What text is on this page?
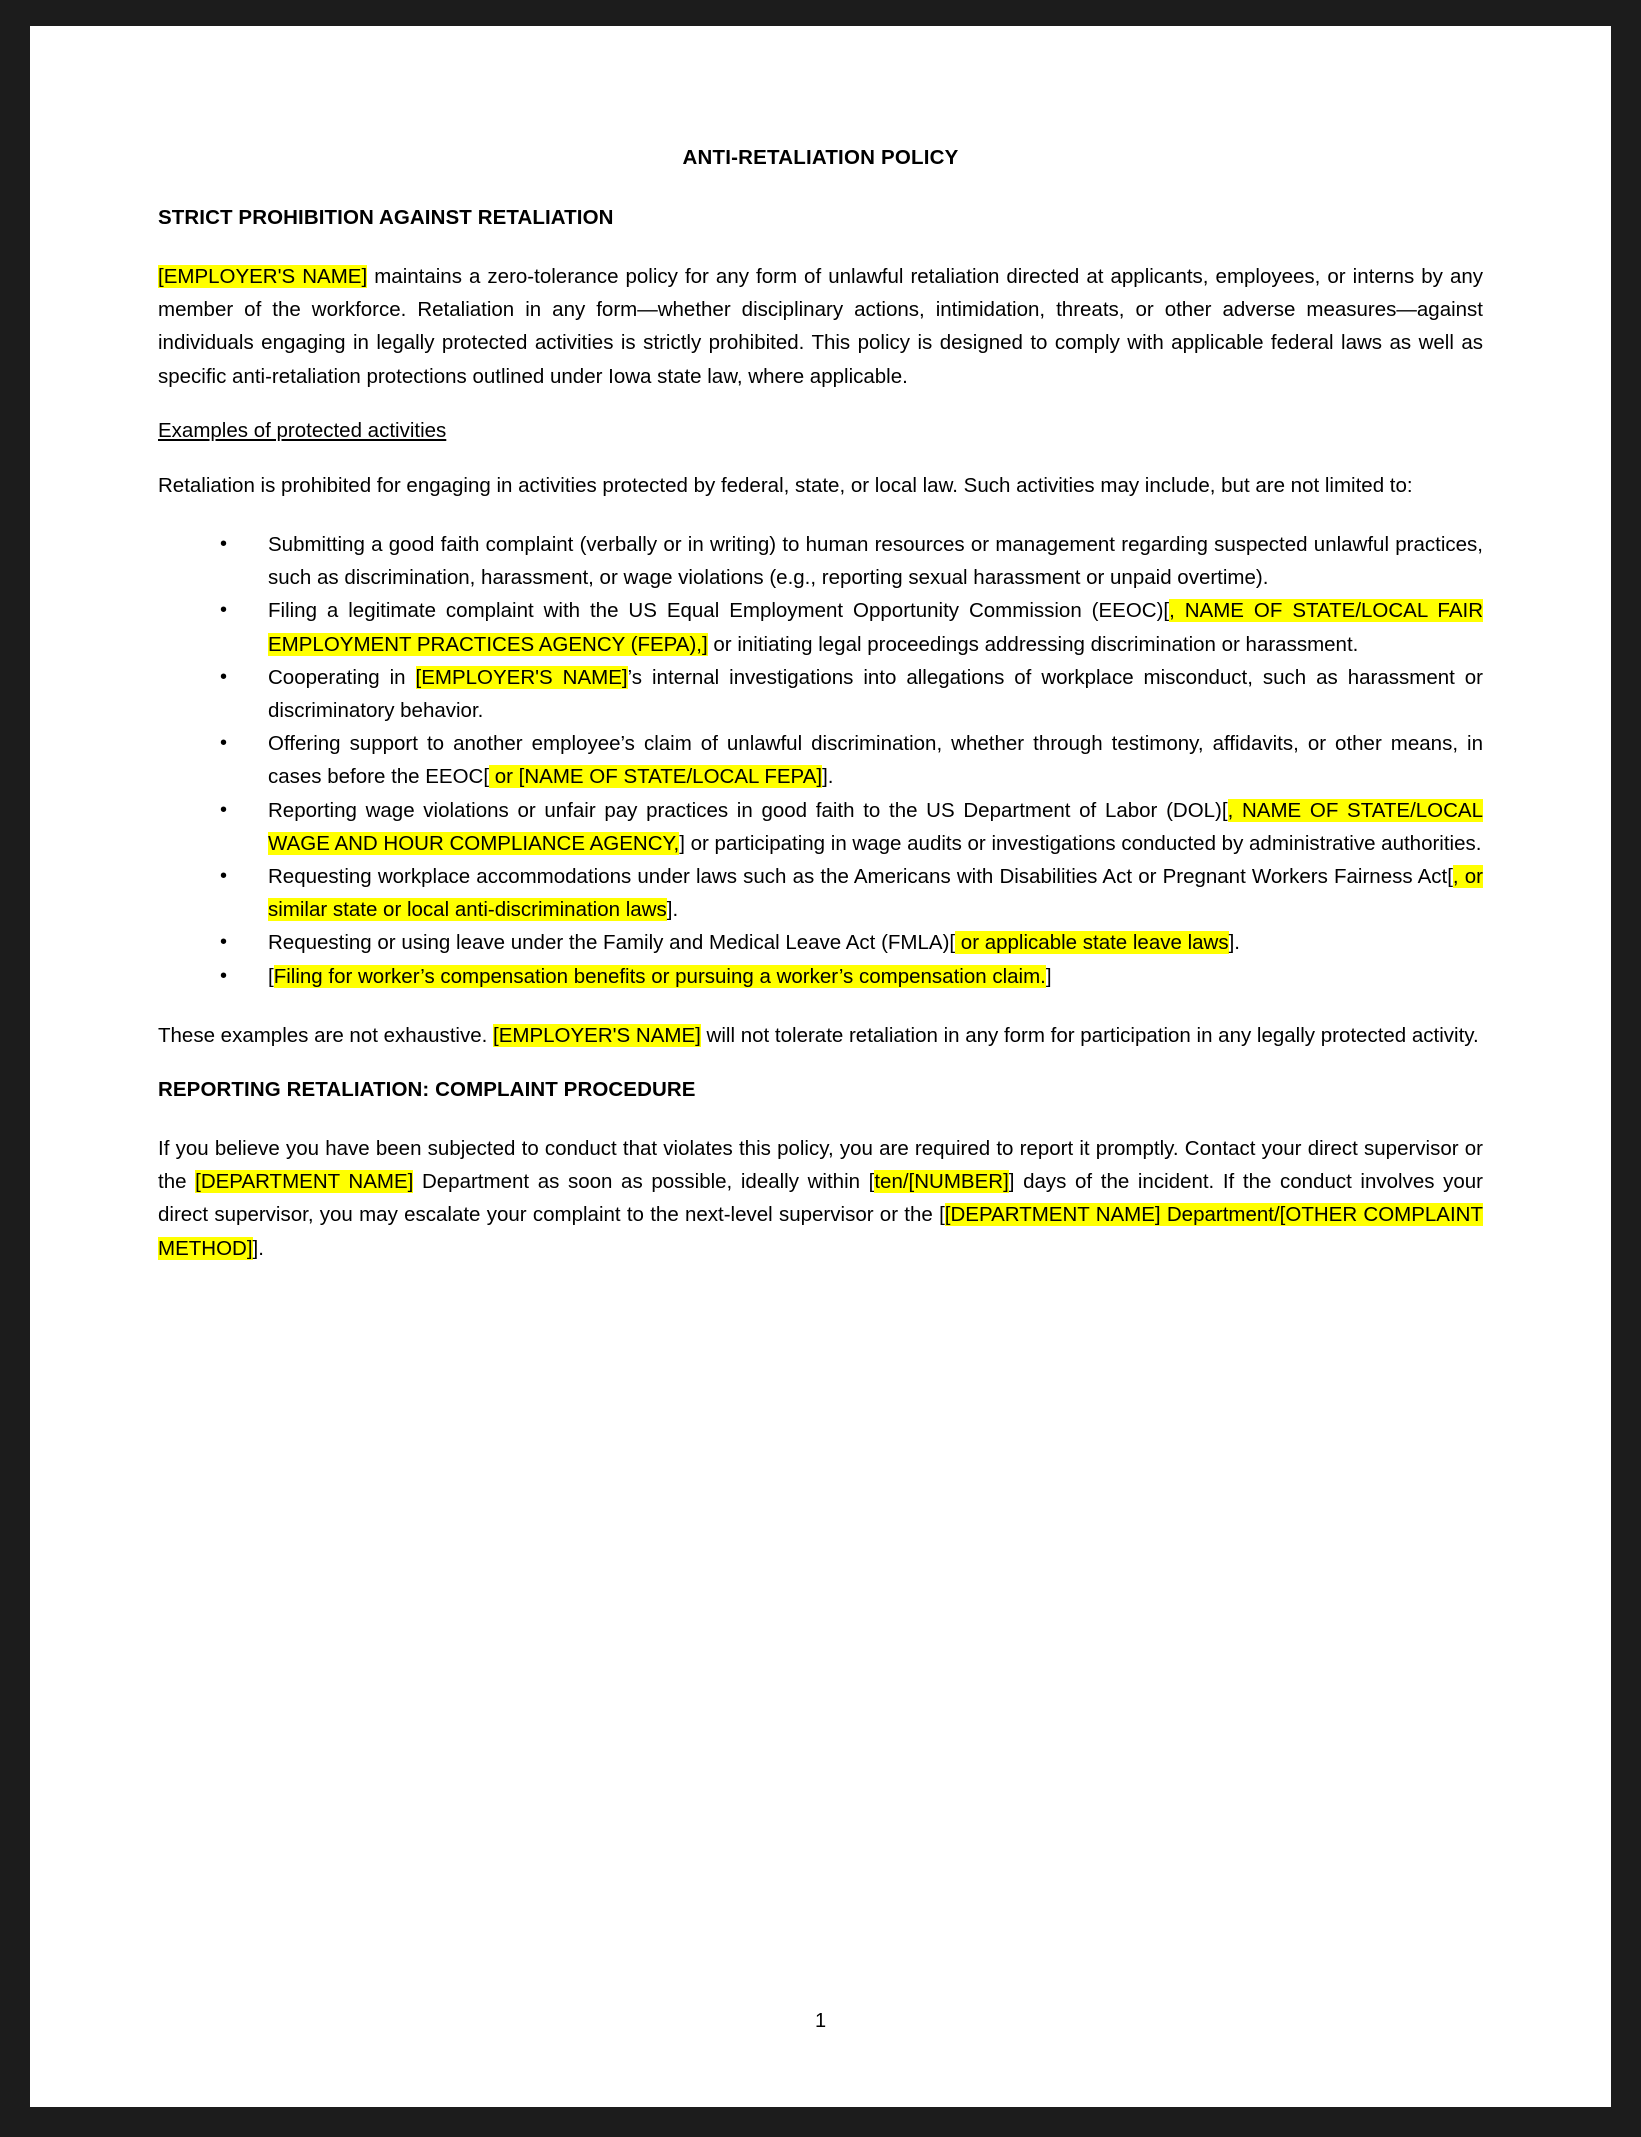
ANTI-RETALIATION POLICY
STRICT PROHIBITION AGAINST RETALIATION

[EMPLOYER'S NAME] maintains a zero-tolerance policy for any form of unlawful retaliation directed at applicants, employees, or interns by any member of the workforce. Retaliation in any form—whether disciplinary actions, intimidation, threats, or other adverse measures—against individuals engaging in legally protected activities is strictly prohibited. This policy is designed to comply with applicable federal laws as well as specific anti-retaliation protections outlined under Iowa state law, where applicable.

Examples of protected activities

Retaliation is prohibited for engaging in activities protected by federal, state, or local law. Such activities may include, but are not limited to:

• Submitting a good faith complaint (verbally or in writing) to human resources or management regarding suspected unlawful practices, such as discrimination, harassment, or wage violations (e.g., reporting sexual harassment or unpaid overtime).
• Filing a legitimate complaint with the US Equal Employment Opportunity Commission (EEOC)[, NAME OF STATE/LOCAL FAIR EMPLOYMENT PRACTICES AGENCY (FEPA),] or initiating legal proceedings addressing discrimination or harassment.
• Cooperating in [EMPLOYER'S NAME]’s internal investigations into allegations of workplace misconduct, such as harassment or discriminatory behavior.
• Offering support to another employee’s claim of unlawful discrimination, whether through testimony, affidavits, or other means, in cases before the EEOC[ or [NAME OF STATE/LOCAL FEPA]].
• Reporting wage violations or unfair pay practices in good faith to the US Department of Labor (DOL)[, NAME OF STATE/LOCAL WAGE AND HOUR COMPLIANCE AGENCY,] or participating in wage audits or investigations conducted by administrative authorities.
• Requesting workplace accommodations under laws such as the Americans with Disabilities Act or Pregnant Workers Fairness Act[, or similar state or local anti-discrimination laws].
• Requesting or using leave under the Family and Medical Leave Act (FMLA)[ or applicable state leave laws].
• [Filing for worker’s compensation benefits or pursuing a worker’s compensation claim.]

These examples are not exhaustive. [EMPLOYER'S NAME] will not tolerate retaliation in any form for participation in any legally protected activity.

REPORTING RETALIATION: COMPLAINT PROCEDURE

If you believe you have been subjected to conduct that violates this policy, you are required to report it promptly. Contact your direct supervisor or the [DEPARTMENT NAME] Department as soon as possible, ideally within [ten/[NUMBER]] days of the incident. If the conduct involves your direct supervisor, you may escalate your complaint to the next-level supervisor or the [[DEPARTMENT NAME] Department/[OTHER COMPLAINT METHOD]].

1
